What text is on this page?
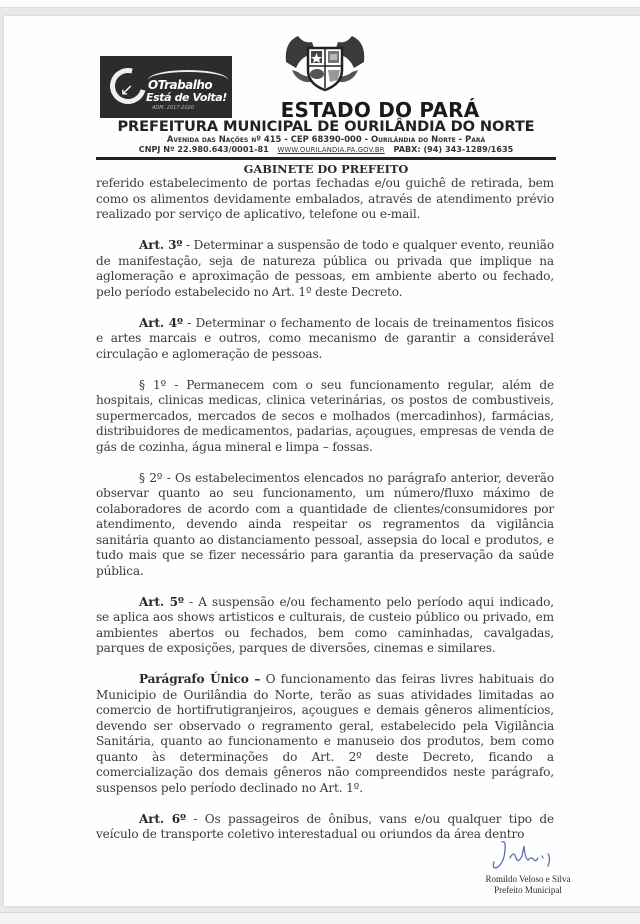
↙ OTrabalho
Está de Volta!
ADM. 2017-2020	ESTADO DO PARÁ
PREFEITURA MUNICIPAL DE OURILÂNDIA DO NORTE
Avenida das Nações nº 415 - CEP 68390-000 - Ourilândia do Norte - Pará
CNPJ Nº 22.980.643/0001-81 WWW.OURILANDIA.PA.GOV.BR PABX: (94) 343-1289/1635
GABINETE DO PREFEITO

referido estabelecimento de portas fechadas e/ou guichê de retirada, bem como os alimentos devidamente embalados, através de atendimento prévio realizado por serviço de aplicativo, telefone ou e-mail.

Art. 3º - Determinar a suspensão de todo e qualquer evento, reunião de manifestação, seja de natureza pública ou privada que implique na aglomeração e aproximação de pessoas, em ambiente aberto ou fechado, pelo período estabelecido no Art. 1º deste Decreto.

Art. 4º - Determinar o fechamento de locais de treinamentos fisicos e artes marcais e outros, como mecanismo de garantir a considerável circulação e aglomeração de pessoas.

§ 1º - Permanecem com o seu funcionamento regular, além de hospitais, clinicas medicas, clinica veterinárias, os postos de combustiveis, supermercados, mercados de secos e molhados (mercadinhos), farmácias, distribuidores de medicamentos, padarias, açougues, empresas de venda de gás de cozinha, água mineral e limpa – fossas.

§ 2º - Os estabelecimentos elencados no parágrafo anterior, deverão observar quanto ao seu funcionamento, um número/fluxo máximo de colaboradores de acordo com a quantidade de clientes/consumidores por atendimento, devendo ainda respeitar os regramentos da vigilância sanitária quanto ao distanciamento pessoal, assepsia do local e produtos, e tudo mais que se fizer necessário para garantia da preservação da saúde pública.

Art. 5º - A suspensão e/ou fechamento pelo período aqui indicado, se aplica aos shows artisticos e culturais, de custeio público ou privado, em ambientes abertos ou fechados, bem como caminhadas, cavalgadas, parques de exposições, parques de diversões, cinemas e similares.

Parágrafo Único – O funcionamento das feiras livres habituais do Municipio de Ourilândia do Norte, terão as suas atividades limitadas ao comercio de hortifrutigranjeiros, açougues e demais gêneros alimentícios, devendo ser observado o regramento geral, estabelecido pela Vigilância Sanitária, quanto ao funcionamento e manuseio dos produtos, bem como quanto às determinações do Art. 2º deste Decreto, ficando a comercialização dos demais gêneros não compreendidos neste parágrafo, suspensos pelo período declinado no Art. 1º.

Art. 6º - Os passageiros de ônibus, vans e/ou qualquer tipo de veículo de transporte coletivo interestadual ou oriundos da área dentro

Romildo Veloso e Silva
Prefeito Municipal
